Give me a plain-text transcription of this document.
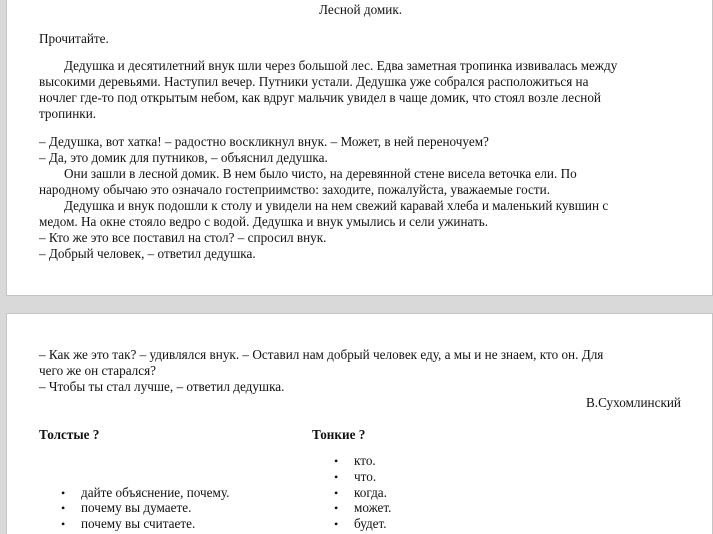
Лесной домик.
Прочитайте.
Дедушка и десятилетний внук шли через большой лес. Едва заметная тропинка извивалась между
высокими деревьями. Наступил вечер. Путники устали. Дедушка уже собрался расположиться на
ночлег где-то под открытым небом, как вдруг мальчик увидел в чаще домик, что стоял возле лесной
тропинки.
– Дедушка, вот хатка! – радостно воскликнул внук. – Может, в ней переночуем?
– Да, это домик для путников, – объяснил дедушка.
Они зашли в лесной домик. В нем было чисто, на деревянной стене висела веточка ели. По
народному обычаю это означало гостеприимство: заходите, пожалуйста, уважаемые гости.
Дедушка и внук подошли к столу и увидели на нем свежий каравай хлеба и маленький кувшин с
медом. На окне стояло ведро с водой. Дедушка и внук умылись и сели ужинать.
– Кто же это все поставил на стол? – спросил внук.
– Добрый человек, – ответил дедушка.
– Как же это так? – удивлялся внук. – Оставил нам добрый человек еду, а мы и не знаем, кто он. Для
чего же он старался?
– Чтобы ты стал лучше, – ответил дедушка.
В.Сухомлинский
Толстые ?	Тонкие ?
• кто.
• что.
• когда.
• может.
• будет.
• дайте объяснение, почему.
• почему вы думаете.
• почему вы считаете.
